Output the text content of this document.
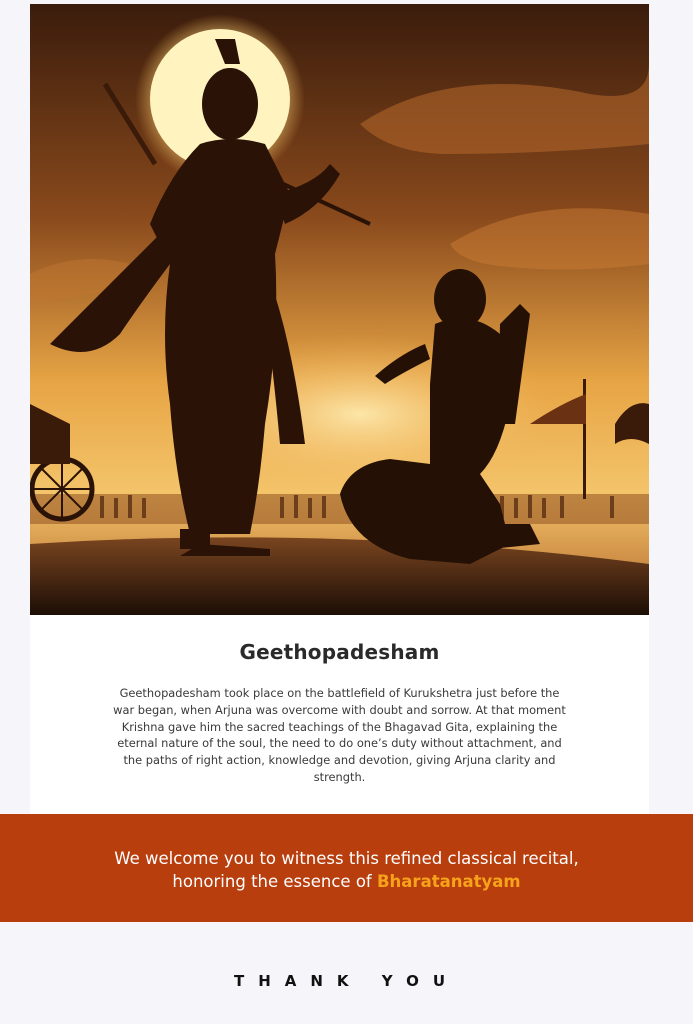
Geethopadesham
Geethopadesham took place on the battlefield of Kurukshetra just before the war began, when Arjuna was overcome with doubt and sorrow. At that moment Krishna gave him the sacred teachings of the Bhagavad Gita, explaining the eternal nature of the soul, the need to do one’s duty without attachment, and the paths of right action, knowledge and devotion, giving Arjuna clarity and strength.
We welcome you to witness this refined classical recital,
honoring the essence of Bharatanatyam
THANK YOU
